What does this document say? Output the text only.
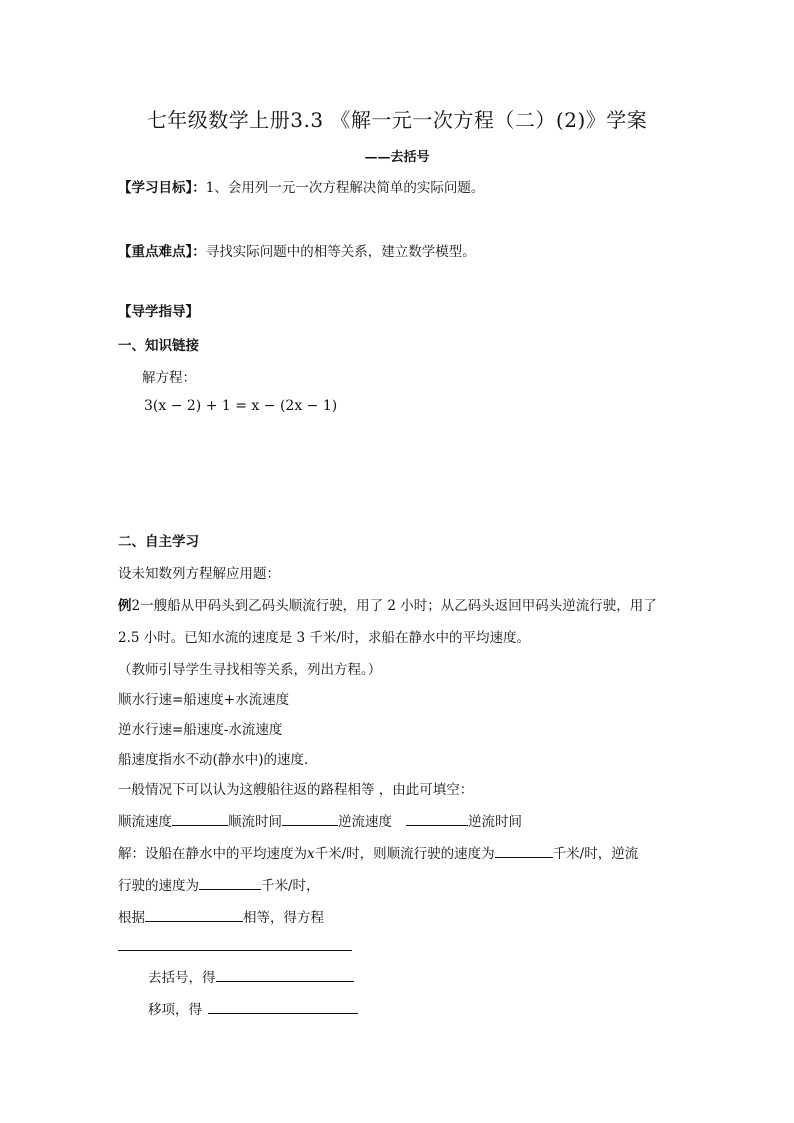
七年级数学上册3.3 《解一元一次方程（二）(2)》学案
——去括号
【学习目标】：1、会用列一元一次方程解决简单的实际问题。
【重点难点】：寻找实际问题中的相等关系，建立数学模型。
【导学指导】
一、知识链接
解方程：
3(x − 2) + 1 = x − (2x − 1)
二、自主学习
设未知数列方程解应用题：
例2一艘船从甲码头到乙码头顺流行驶，用了 2 小时；从乙码头返回甲码头逆流行驶，用了
2.5 小时。已知水流的速度是 3 千米/时，求船在静水中的平均速度。
（教师引导学生寻找相等关系，列出方程。）
顺水行速=船速度+水流速度
逆水行速=船速度-水流速度
船速度指水不动(静水中)的速度.
一般情况下可以认为这艘船往返的路程相等 ，由此可填空：
顺流速度	顺流时间	逆流速度	逆流时间
解：设船在静水中的平均速度为x千米/时，则顺流行驶的速度为	千米/时，逆流
行驶的速度为	千米/时，
根据	相等，得方程
去括号，得
移项，得
